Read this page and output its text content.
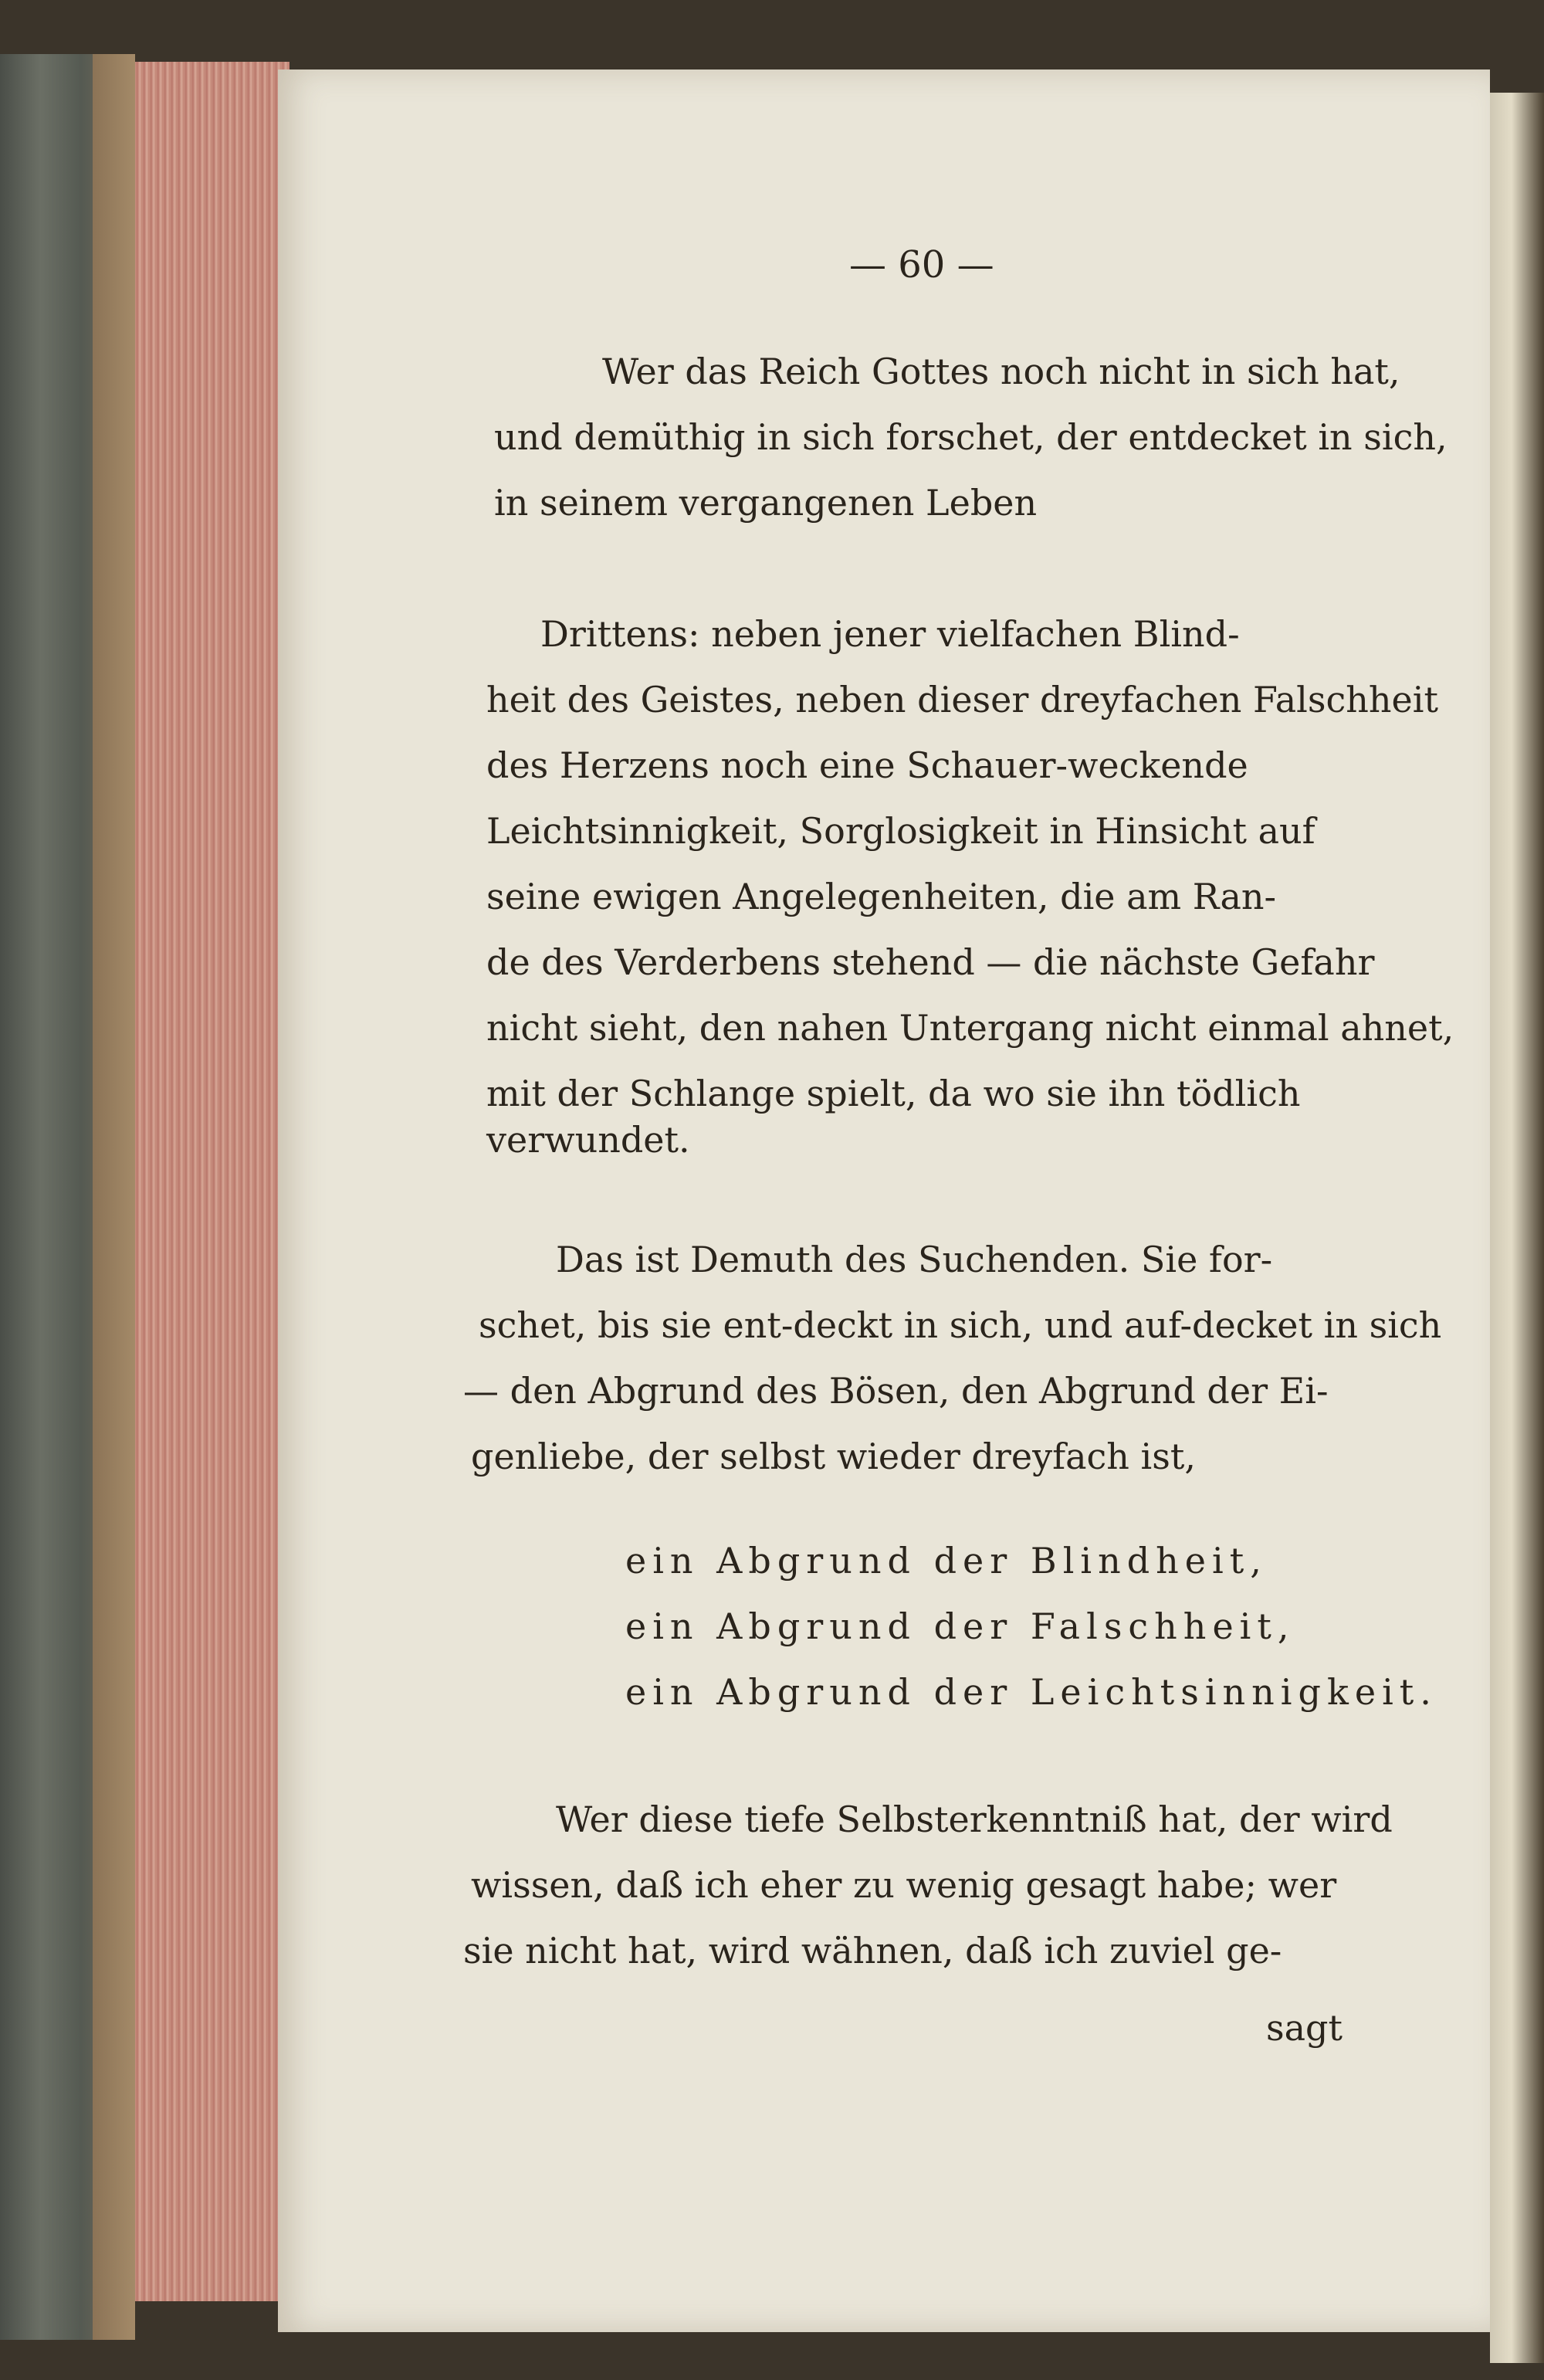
— 60 —
Wer das Reich Gottes noch nicht in sich hat,
und demüthig in sich forschet, der entdecket in sich,
in seinem vergangenen Leben
Drittens: neben jener vielfachen Blind-
heit des Geistes, neben dieser dreyfachen Falschheit
des Herzens noch eine Schauer-weckende
Leichtsinnigkeit, Sorglosigkeit in Hinsicht auf
seine ewigen Angelegenheiten, die am Ran-
de des Verderbens stehend — die nächste Gefahr
nicht sieht, den nahen Untergang nicht einmal ahnet,
mit der Schlange spielt, da wo sie ihn tödlich
verwundet.
Das ist Demuth des Suchenden. Sie for-
schet, bis sie ent-deckt in sich, und auf-decket in sich
— den Abgrund des Bösen, den Abgrund der Ei-
genliebe, der selbst wieder dreyfach ist,
ein Abgrund der Blindheit,
ein Abgrund der Falschheit,
ein Abgrund der Leichtsinnigkeit.
Wer diese tiefe Selbsterkenntniß hat, der wird
wissen, daß ich eher zu wenig gesagt habe; wer
sie nicht hat, wird wähnen, daß ich zuviel ge-
sagt
